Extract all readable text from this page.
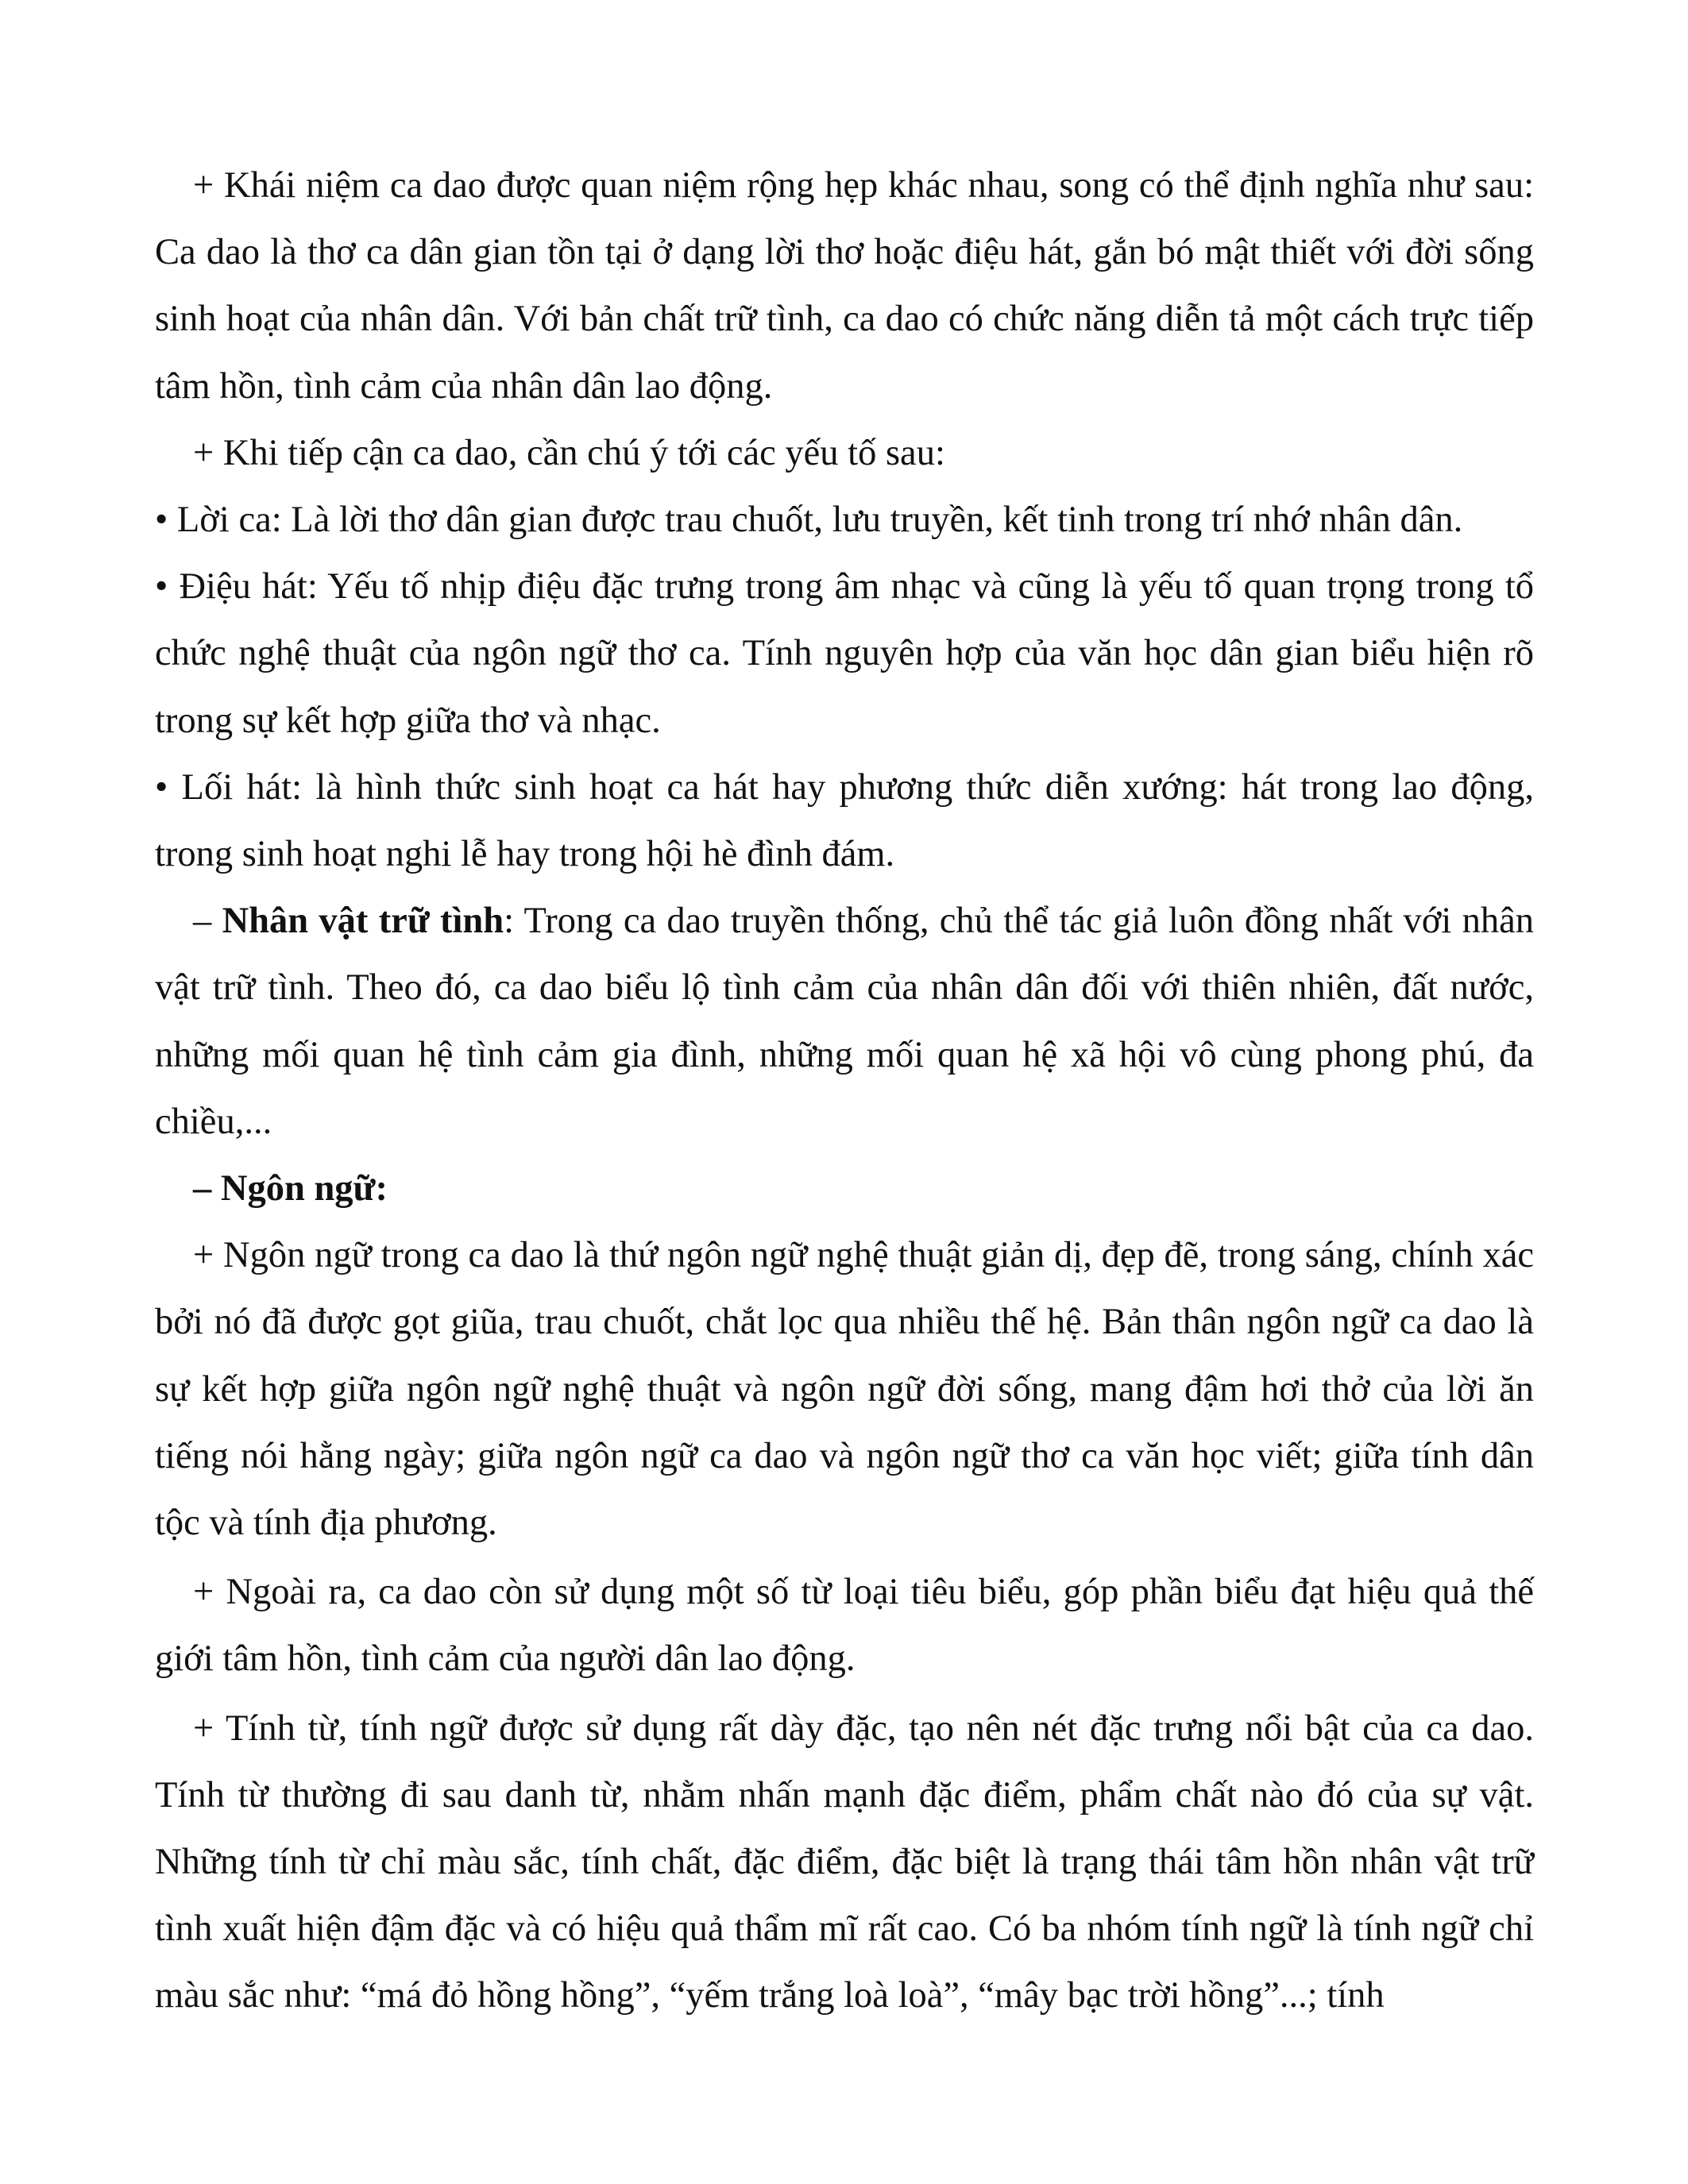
+ Khái niệm ca dao được quan niệm rộng hẹp khác nhau, song có thể định nghĩa như sau: Ca dao là thơ ca dân gian tồn tại ở dạng lời thơ hoặc điệu hát, gắn bó mật thiết với đời sống sinh hoạt của nhân dân. Với bản chất trữ tình, ca dao có chức năng diễn tả một cách trực tiếp tâm hồn, tình cảm của nhân dân lao động.

+ Khi tiếp cận ca dao, cần chú ý tới các yếu tố sau:

• Lời ca: Là lời thơ dân gian được trau chuốt, lưu truyền, kết tinh trong trí nhớ nhân dân.

• Điệu hát: Yếu tố nhịp điệu đặc trưng trong âm nhạc và cũng là yếu tố quan trọng trong tổ chức nghệ thuật của ngôn ngữ thơ ca. Tính nguyên hợp của văn học dân gian biểu hiện rõ trong sự kết hợp giữa thơ và nhạc.

• Lối hát: là hình thức sinh hoạt ca hát hay phương thức diễn xướng: hát trong lao động, trong sinh hoạt nghi lễ hay trong hội hè đình đám.

– Nhân vật trữ tình: Trong ca dao truyền thống, chủ thể tác giả luôn đồng nhất với nhân vật trữ tình. Theo đó, ca dao biểu lộ tình cảm của nhân dân đối với thiên nhiên, đất nước, những mối quan hệ tình cảm gia đình, những mối quan hệ xã hội vô cùng phong phú, đa chiều,...

– Ngôn ngữ:

+ Ngôn ngữ trong ca dao là thứ ngôn ngữ nghệ thuật giản dị, đẹp đẽ, trong sáng, chính xác bởi nó đã được gọt giũa, trau chuốt, chắt lọc qua nhiều thế hệ. Bản thân ngôn ngữ ca dao là sự kết hợp giữa ngôn ngữ nghệ thuật và ngôn ngữ đời sống, mang đậm hơi thở của lời ăn tiếng nói hằng ngày; giữa ngôn ngữ ca dao và ngôn ngữ thơ ca văn học viết; giữa tính dân tộc và tính địa phương.

+ Ngoài ra, ca dao còn sử dụng một số từ loại tiêu biểu, góp phần biểu đạt hiệu quả thế giới tâm hồn, tình cảm của người dân lao động.

+ Tính từ, tính ngữ được sử dụng rất dày đặc, tạo nên nét đặc trưng nổi bật của ca dao. Tính từ thường đi sau danh từ, nhằm nhấn mạnh đặc điểm, phẩm chất nào đó của sự vật. Những tính từ chỉ màu sắc, tính chất, đặc điểm, đặc biệt là trạng thái tâm hồn nhân vật trữ tình xuất hiện đậm đặc và có hiệu quả thẩm mĩ rất cao. Có ba nhóm tính ngữ là tính ngữ chỉ màu sắc như: “má đỏ hồng hồng”, “yếm trắng loà loà”, “mây bạc trời hồng”...; tính
